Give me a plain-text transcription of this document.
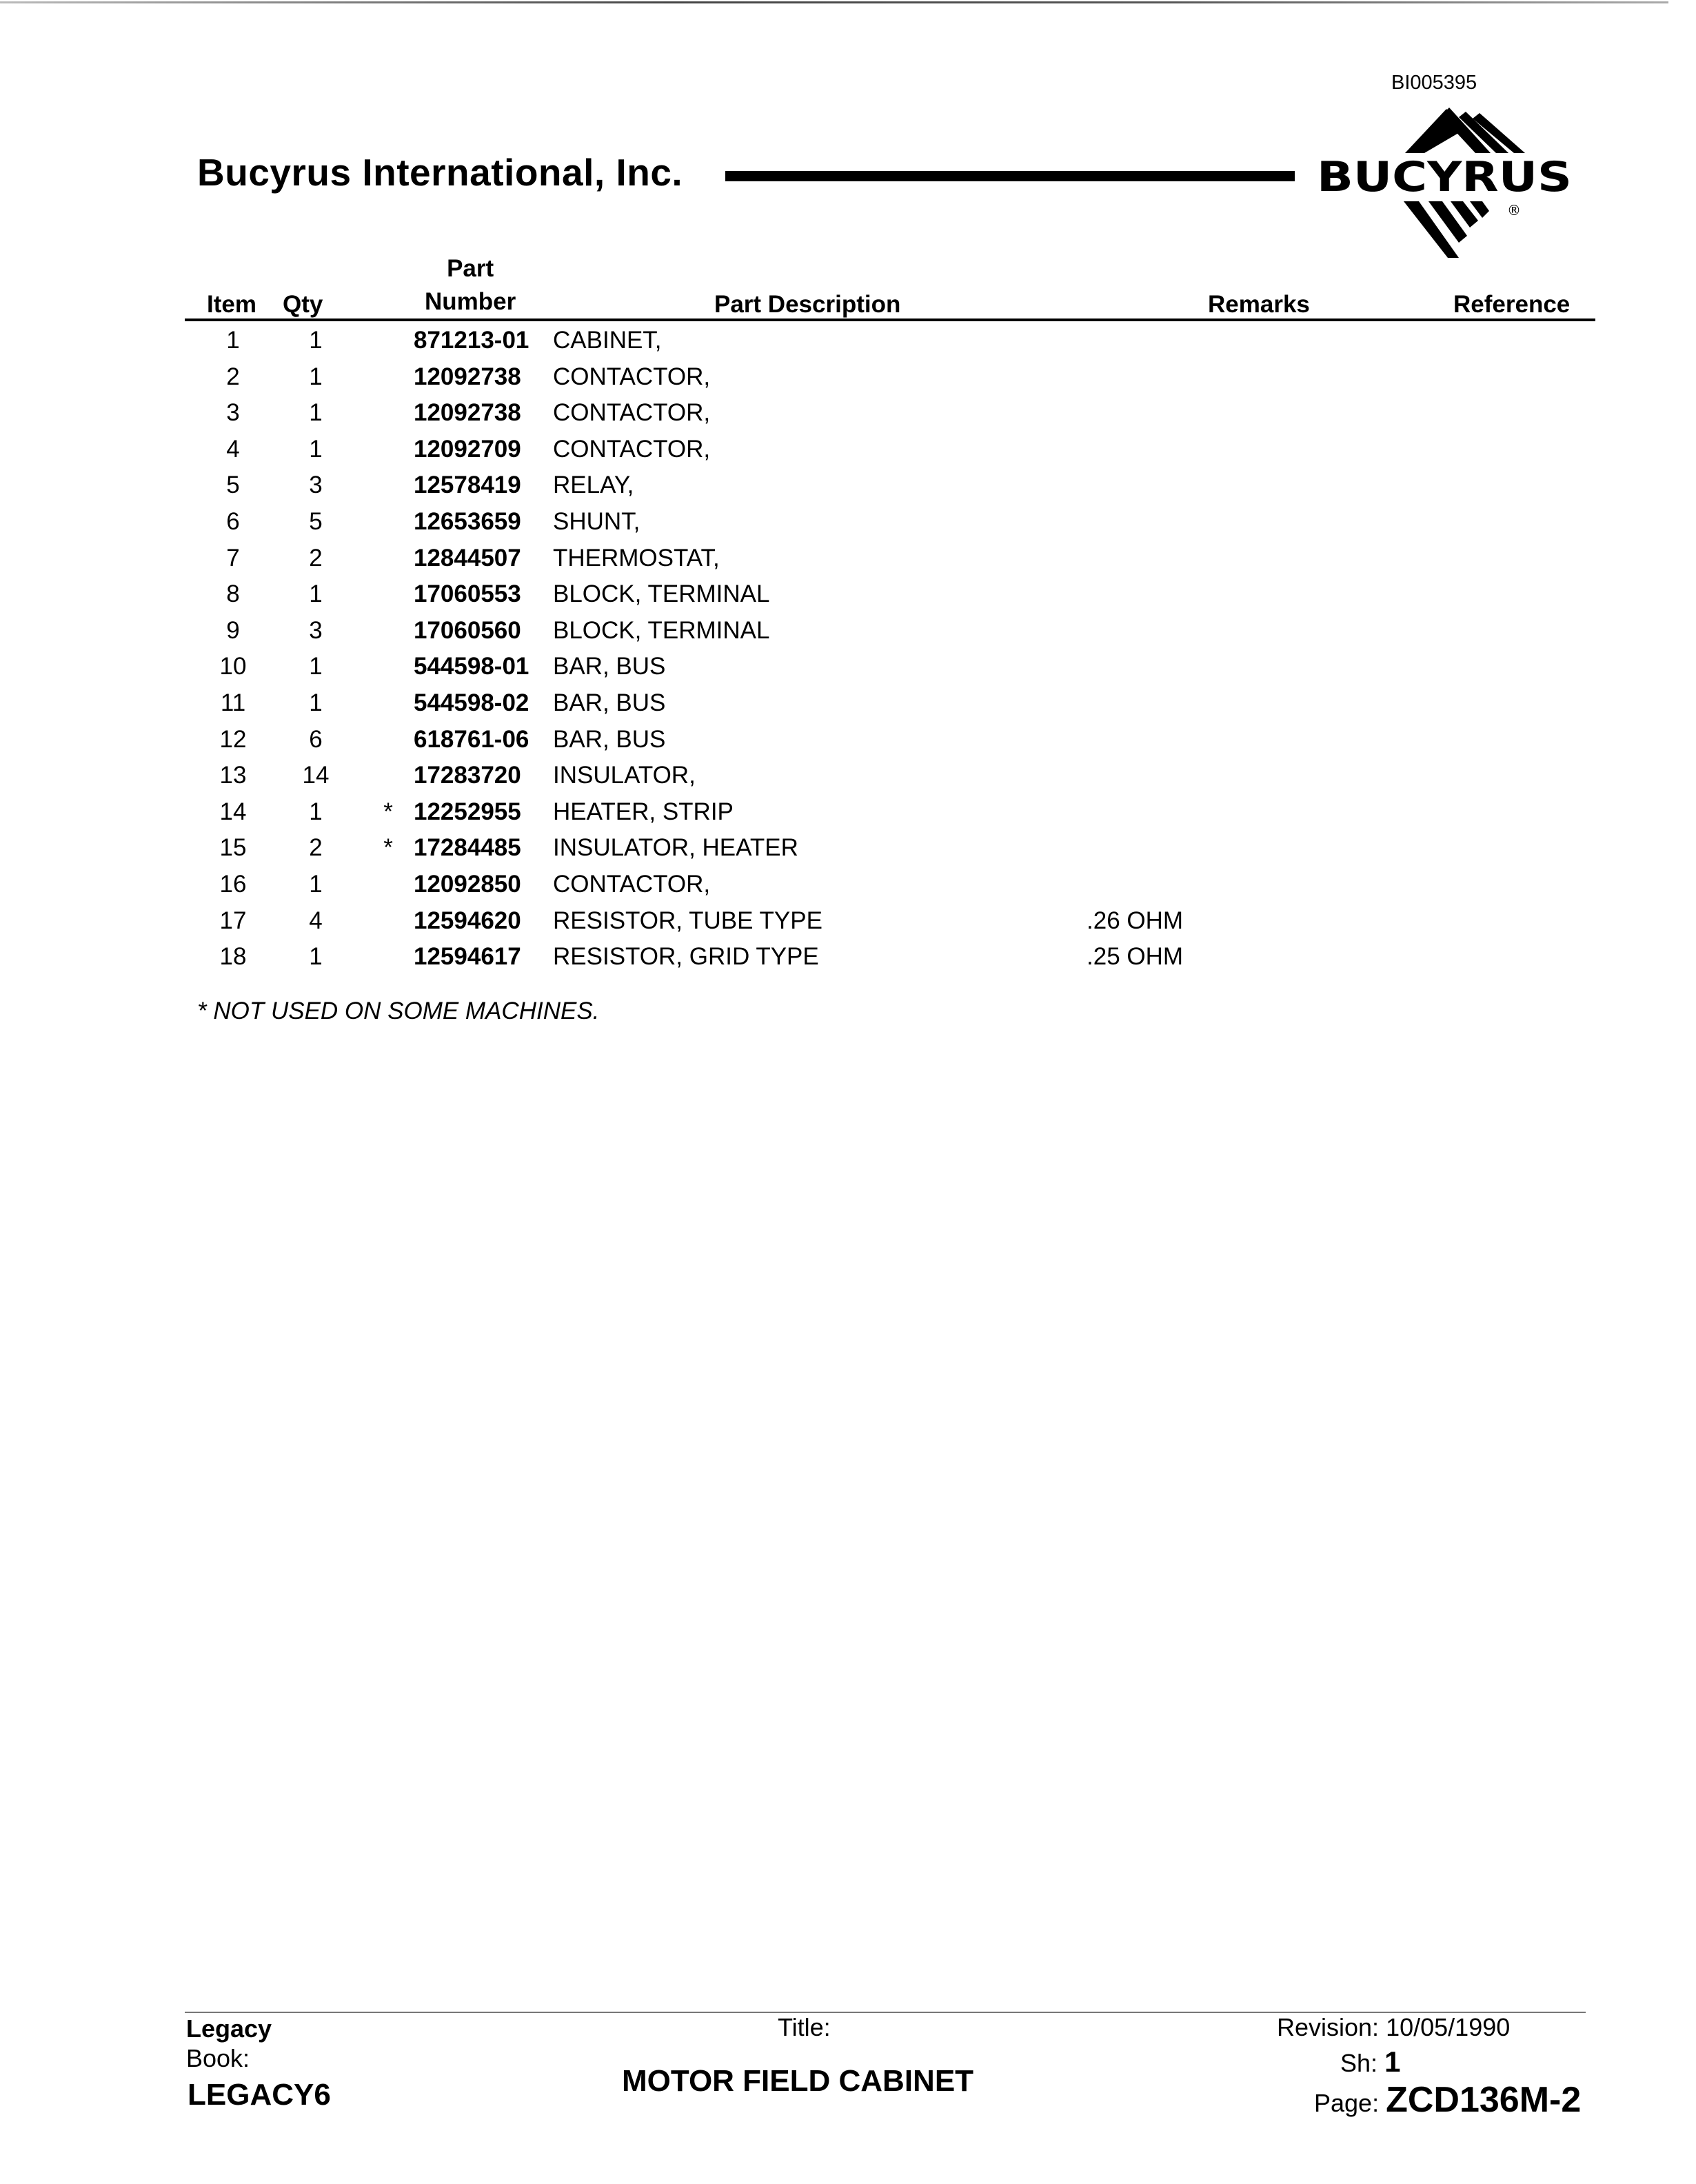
BI005395
Bucyrus International, Inc.	BUCYRUS
®
Item Qty
Part
Number	Part Description	Remarks	Reference
1	1	871213-01 CABINET,
2	1	12092738 CONTACTOR,
3	1	12092738 CONTACTOR,
4	1	12092709 CONTACTOR,
5	3	12578419 RELAY,
6	5	12653659 SHUNT,
7	2	12844507 THERMOSTAT,
8	1	17060553 BLOCK, TERMINAL
9	3	17060560 BLOCK, TERMINAL
10	1	544598-01 BAR, BUS
11	1	544598-02 BAR, BUS
12	6	618761-06 BAR, BUS
13	14	17283720 INSULATOR,
14	1	* 12252955 HEATER, STRIP
15	2	* 17284485 INSULATOR, HEATER
16	1	12092850 CONTACTOR,
17	4	12594620 RESISTOR, TUBE TYPE	.26 OHM
18	1	12594617 RESISTOR, GRID TYPE	.25 OHM
* NOT USED ON SOME MACHINES.
Legacy
Book:
LEGACY6
Title:
MOTOR FIELD CABINET
Revision: 10/05/1990
Sh: 1
Page: ZCD136M-2
